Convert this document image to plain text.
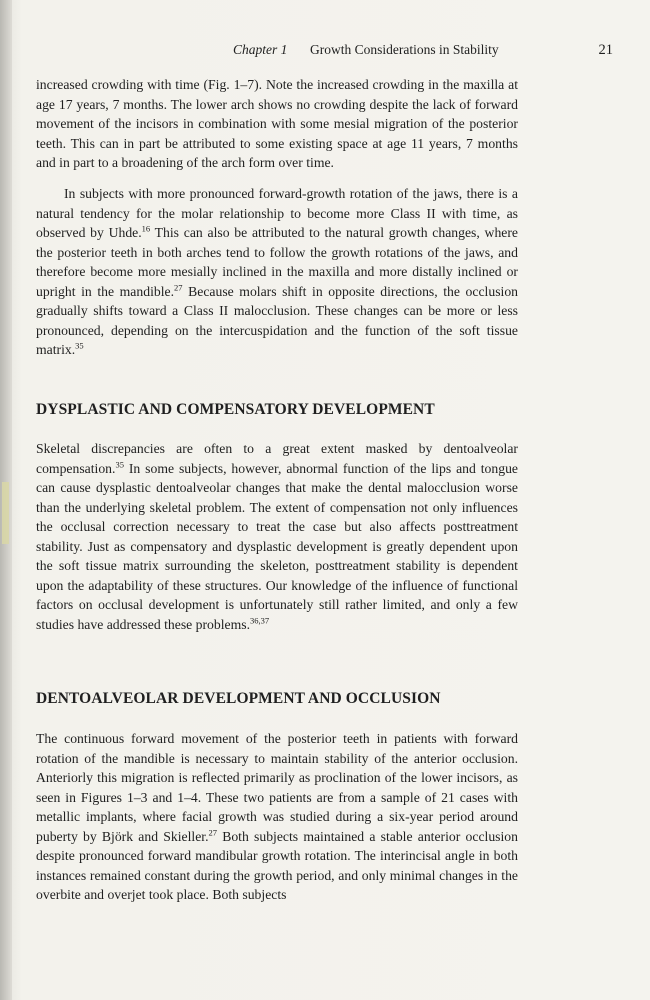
Chapter 1 Growth Considerations in Stability	21

increased crowding with time (Fig. 1–7). Note the increased crowding in the maxilla at age 17 years, 7 months. The lower arch shows no crowding despite the lack of forward movement of the incisors in combination with some mesial migration of the posterior teeth. This can in part be attributed to some existing space at age 11 years, 7 months and in part to a broadening of the arch form over time.

In subjects with more pronounced forward-growth rotation of the jaws, there is a natural tendency for the molar relationship to become more Class II with time, as observed by Uhde.$^{16}$ This can also be attributed to the natural growth changes, where the posterior teeth in both arches tend to follow the growth rotations of the jaws, and therefore become more mesially inclined in the maxilla and more distally inclined or upright in the mandible.$^{27}$ Because molars shift in opposite directions, the occlusion gradually shifts toward a Class II malocclusion. These changes can be more or less pronounced, depending on the intercuspidation and the function of the soft tissue matrix.$^{35}$

DYSPLASTIC AND COMPENSATORY DEVELOPMENT

Skeletal discrepancies are often to a great extent masked by dentoalveolar compensation.$^{35}$ In some subjects, however, abnormal function of the lips and tongue can cause dysplastic dentoalveolar changes that make the dental malocclusion worse than the underlying skeletal problem. The extent of compensation not only influences the occlusal correction necessary to treat the case but also affects posttreatment stability. Just as compensatory and dysplastic development is greatly dependent upon the soft tissue matrix surrounding the skeleton, posttreatment stability is dependent upon the adaptability of these structures. Our knowledge of the influence of functional factors on occlusal development is unfortunately still rather limited, and only a few studies have addressed these problems.$^{36,37}$

DENTOALVEOLAR DEVELOPMENT AND OCCLUSION

The continuous forward movement of the posterior teeth in patients with forward rotation of the mandible is necessary to maintain stability of the anterior occlusion. Anteriorly this migration is reflected primarily as proclination of the lower incisors, as seen in Figures 1–3 and 1–4. These two patients are from a sample of 21 cases with metallic implants, where facial growth was studied during a six-year period around puberty by Björk and Skieller.$^{27}$ Both subjects maintained a stable anterior occlusion despite pronounced forward mandibular growth rotation. The interincisal angle in both instances remained constant during the growth period, and only minimal changes in the overbite and overjet took place. Both subjects
